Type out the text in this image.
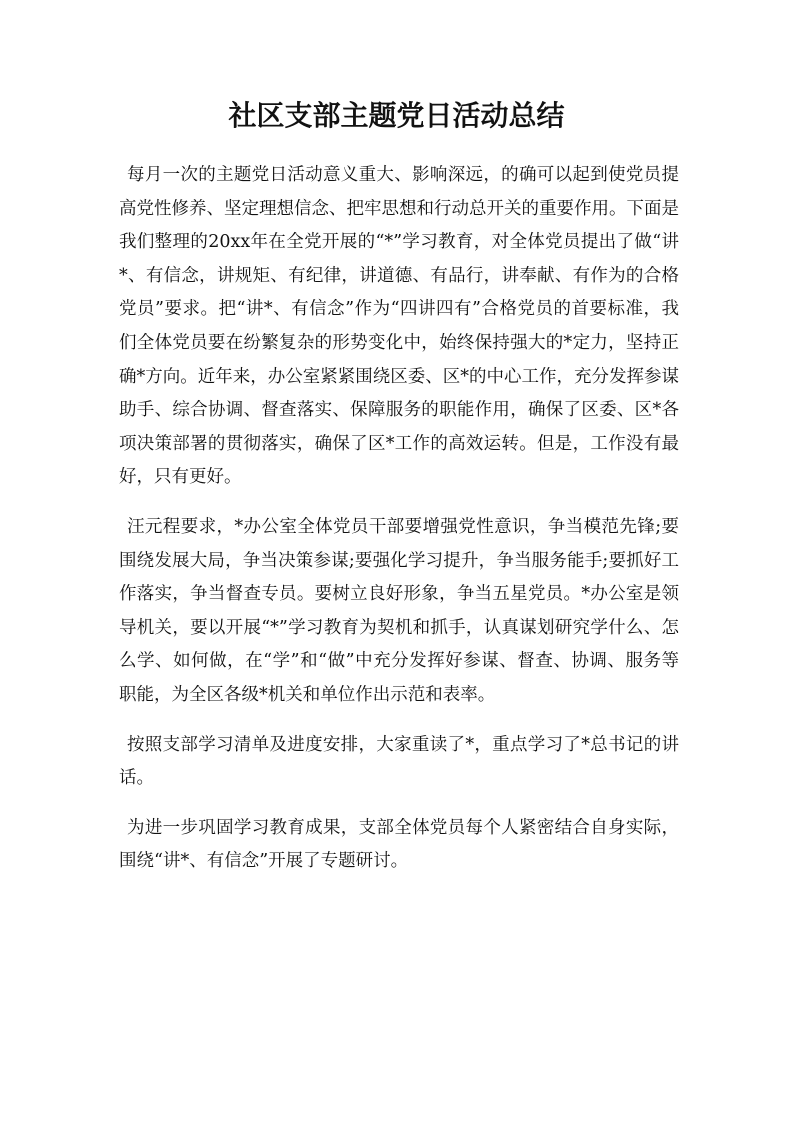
社区支部主题党日活动总结

每月一次的主题党日活动意义重大、影响深远，的确可以起到使党员提高党性修养、坚定理想信念、把牢思想和行动总开关的重要作用。下面是我们整理的20xx年在全党开展的“*”学习教育，对全体党员提出了做“讲*、有信念，讲规矩、有纪律，讲道德、有品行，讲奉献、有作为的合格党员”要求。把“讲*、有信念”作为“四讲四有”合格党员的首要标准，我们全体党员要在纷繁复杂的形势变化中，始终保持强大的*定力，坚持正确*方向。近年来，办公室紧紧围绕区委、区*的中心工作，充分发挥参谋助手、综合协调、督查落实、保障服务的职能作用，确保了区委、区*各项决策部署的贯彻落实，确保了区*工作的高效运转。但是，工作没有最好，只有更好。

汪元程要求，*办公室全体党员干部要增强党性意识，争当模范先锋;要围绕发展大局，争当决策参谋;要强化学习提升，争当服务能手;要抓好工作落实，争当督查专员。要树立良好形象，争当五星党员。*办公室是领导机关，要以开展“*”学习教育为契机和抓手，认真谋划研究学什么、怎么学、如何做，在“学”和“做”中充分发挥好参谋、督查、协调、服务等职能，为全区各级*机关和单位作出示范和表率。

按照支部学习清单及进度安排，大家重读了*，重点学习了*总书记的讲话。

为进一步巩固学习教育成果，支部全体党员每个人紧密结合自身实际，围绕“讲*、有信念”开展了专题研讨。
